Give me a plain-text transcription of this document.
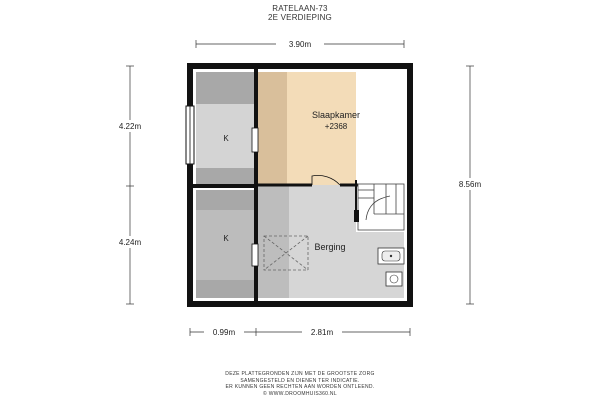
RATELAAN-73
2E VERDIEPING
Slaapkamer
+2368
Berging
K
K
3.90m
4.22m
4.24m
8.56m
0.99m	2.81m
DEZE PLATTEGRONDEN ZIJN MET DE GROOTSTE ZORG
SAMENGESTELD EN DIENEN TER INDICATIE.
ER KUNNEN GEEN RECHTEN AAN WORDEN ONTLEEND.
© WWW.DROOMHUIS360.NL
